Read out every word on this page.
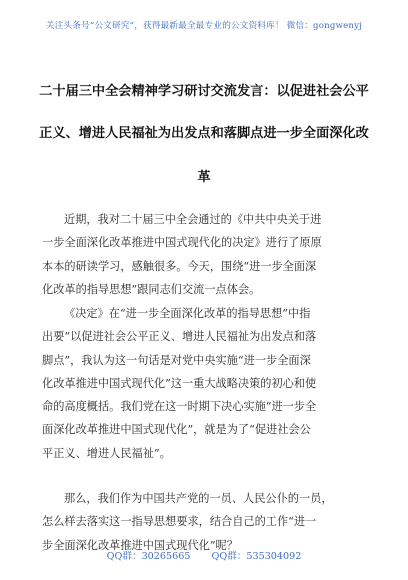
关注头条号“公文研究”，获得最新最全最专业的公文资料库！ 微信：gongwenyj
二十届三中全会精神学习研讨交流发言：以促进社会公平
正义、增进人民福祉为出发点和落脚点进一步全面深化改
革
近期，我对二十届三中全会通过的《中共中央关于进
一步全面深化改革推进中国式现代化的决定》进行了原原
本本的研读学习，感触很多。今天，围绕“进一步全面深
化改革的指导思想”跟同志们交流一点体会。
《决定》在“进一步全面深化改革的指导思想”中指
出要“以促进社会公平正义、增进人民福祉为出发点和落
脚点”，我认为这一句话是对党中央实施“进一步全面深
化改革推进中国式现代化”这一重大战略决策的初心和使
命的高度概括。我们党在这一时期下决心实施“进一步全
面深化改革推进中国式现代化”，就是为了“促进社会公
平正义、增进人民福祉”。
那么，我们作为中国共产党的一员、人民公仆的一员，
怎么样去落实这一指导思想要求，结合自己的工作“进一
步全面深化改革推进中国式现代化”呢？
QQ群：30265665 QQ群：535304092
